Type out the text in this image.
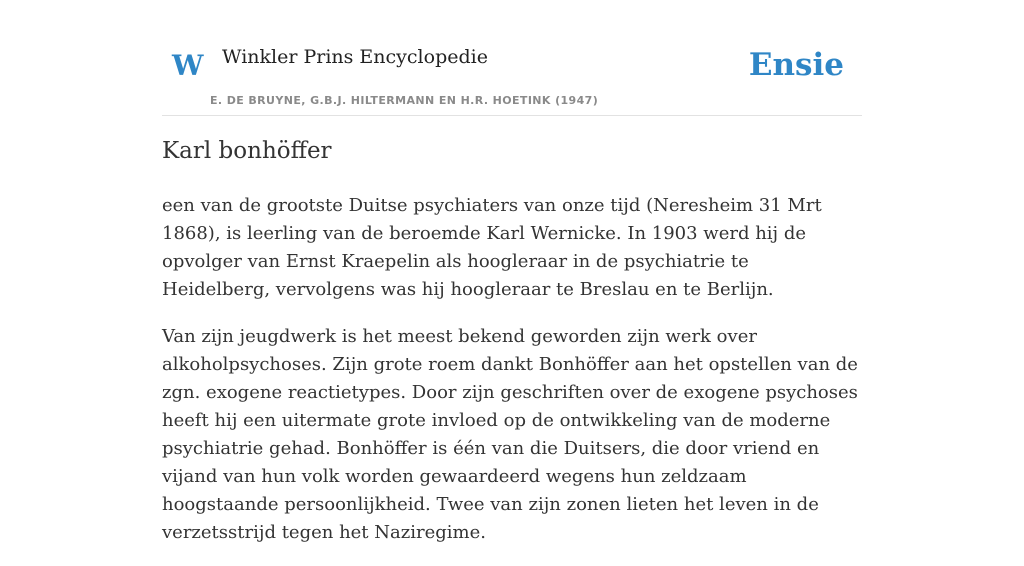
W Winkler Prins Encyclopedie
E. DE BRUYNE, G.B.J. HILTERMANN EN H.R. HOETINK (1947)
Ensie
Karl bonhöffer

een van de grootste Duitse psychiaters van onze tijd (Neresheim 31 Mrt 1868), is leerling van de beroemde Karl Wernicke. In 1903 werd hij de opvolger van Ernst Kraepelin als hoogleraar in de psychiatrie te Heidelberg, vervolgens was hij hoogleraar te Breslau en te Berlijn.

Van zijn jeugdwerk is het meest bekend geworden zijn werk over alkoholpsychoses. Zijn grote roem dankt Bonhöffer aan het opstellen van de zgn. exogene reactietypes. Door zijn geschriften over de exogene psychoses heeft hij een uitermate grote invloed op de ontwikkeling van de moderne psychiatrie gehad. Bonhöffer is één van die Duitsers, die door vriend en vijand van hun volk worden gewaardeerd wegens hun zeldzaam hoogstaande persoonlijkheid. Twee van zijn zonen lieten het leven in de verzetsstrijd tegen het Naziregime.
